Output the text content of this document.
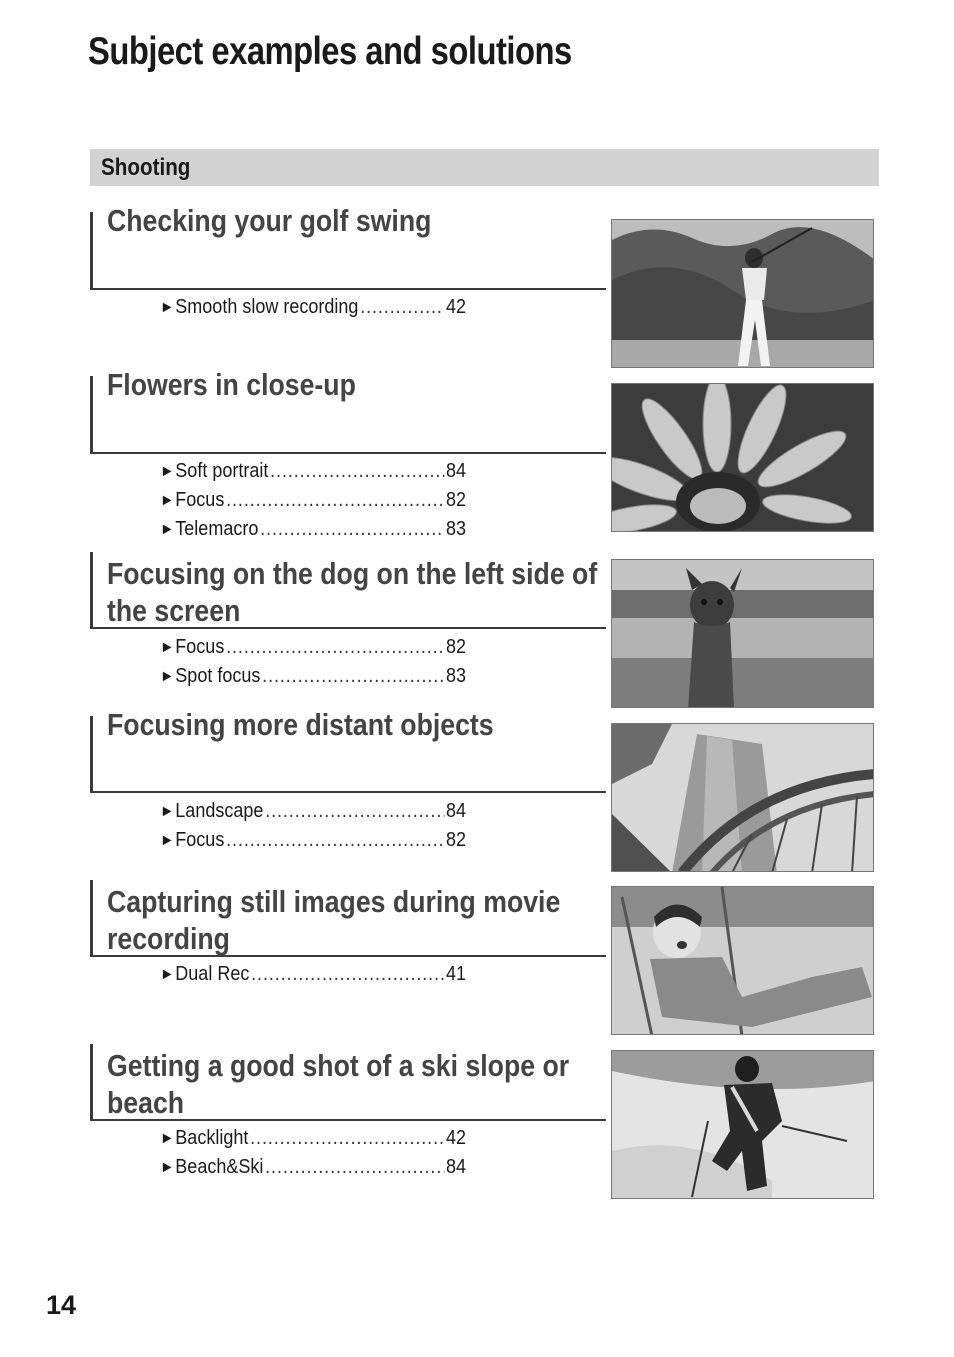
Subject examples and solutions
Shooting
Checking your golf swing
► Smooth slow recording .....	42
Flowers in close-up
► Soft portrait .....	84
► Focus .....	82
► Telemacro .....	83
Focusing on the dog on the left side of the screen
► Focus .....	82
► Spot focus .....	83
Focusing more distant objects
► Landscape .....	84
► Focus .....	82
Capturing still images during movie recording
► Dual Rec .....	41
Getting a good shot of a ski slope or beach
► Backlight .....	42
► Beach&Ski .....	84
14
